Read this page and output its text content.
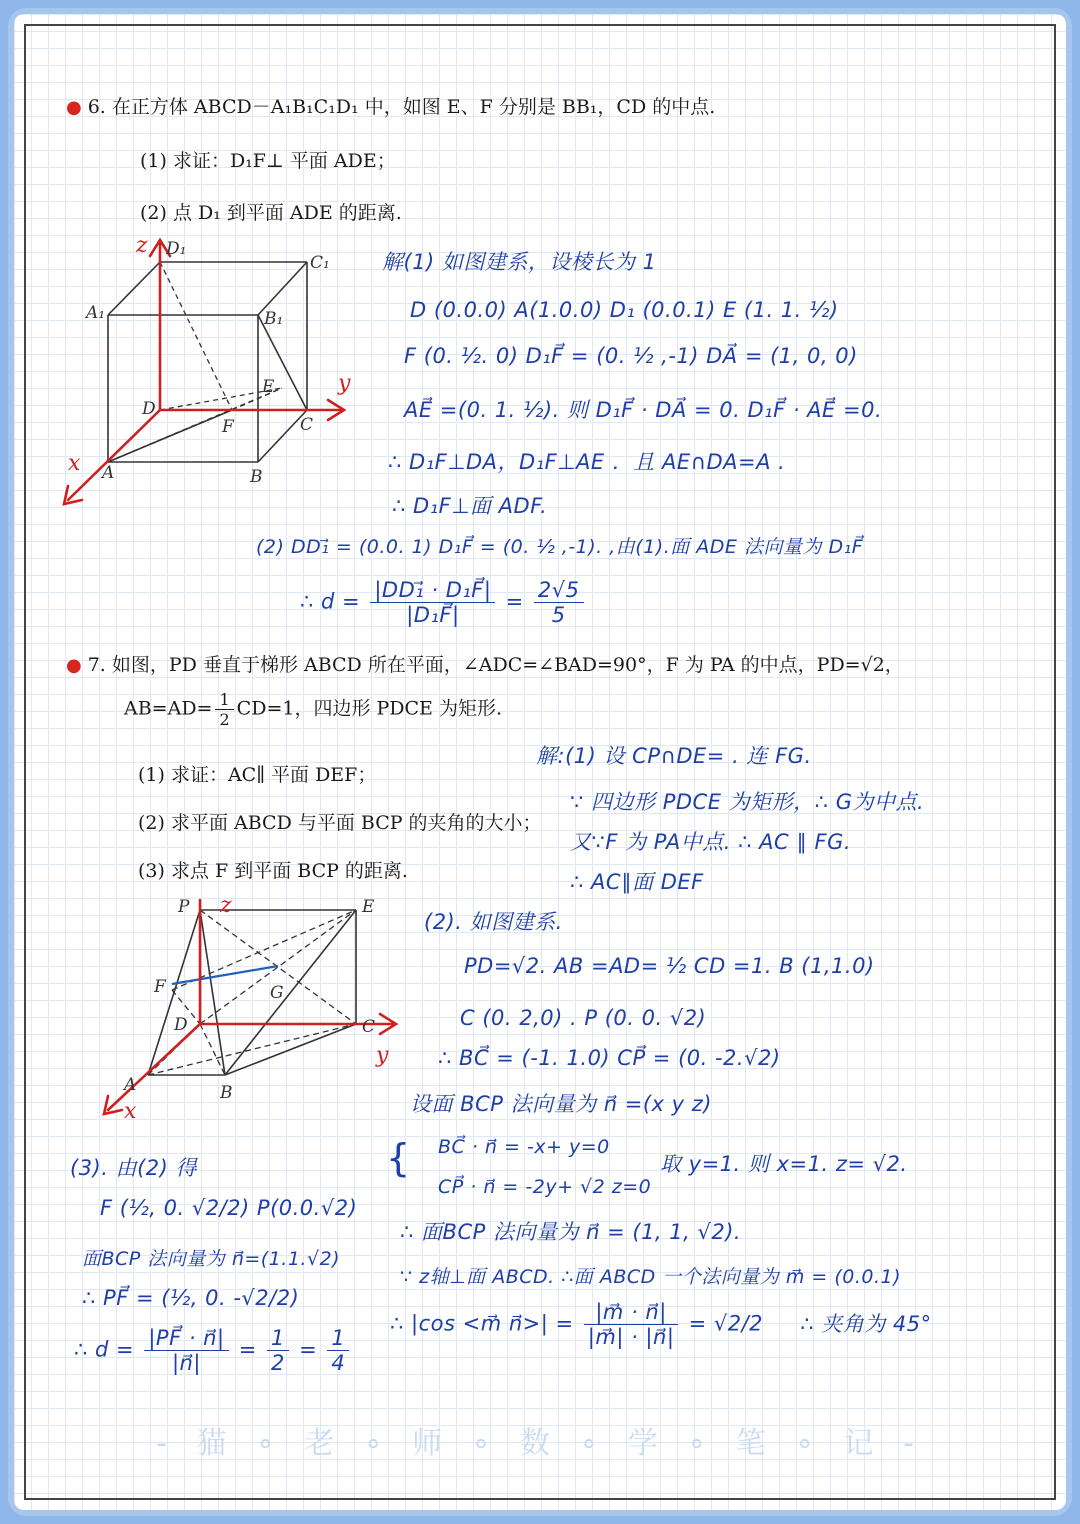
● 6. 在正方体 ABCD－A₁B₁C₁D₁ 中，如图 E、F 分别是 BB₁，CD 的中点.
(1) 求证：D₁F⊥ 平面 ADE；
(2) 点 D₁ 到平面 ADE 的距离.
z
y
x
D₁
C₁
A₁	B₁
D
E
F	C
A	B
解(1) 如图建系，设棱长为 1
D (0.0.0) A(1.0.0) D₁ (0.0.1) E (1. 1. ½)
F (0. ½. 0) D₁F⃗ = (0. ½ ,-1) DA⃗ = (1, 0, 0)
AE⃗ =(0. 1. ½). 则 D₁F⃗ · DA⃗ = 0. D₁F⃗ · AE⃗ =0.
∴ D₁F⊥DA，D₁F⊥AE ．且 AE∩DA=A .
∴ D₁F⊥面 ADF.
(2) DD₁⃗ = (0.0. 1) D₁F⃗ = (0. ½ ,-1). ,由(1).面 ADE 法向量为 D₁F⃗
∴ $d = \frac{\text{|DD₁⃗ · D₁F⃗|}}{\text{|D₁F⃗|}} = \frac{2√5}{5}$
● 7. 如图，PD 垂直于梯形 ABCD 所在平面，∠ADC=∠BAD=90°，F 为 PA 的中点，PD=√2，
$AB=AD= \frac{1}{2} CD=1$，四边形 PDCE 为矩形.
(1) 求证：AC∥ 平面 DEF；
(2) 求平面 ABCD 与平面 BCP 的夹角的大小；
(3) 求点 F 到平面 BCP 的距离.
z
y
x
P	E
F	G
D	C
A	B
解:(1) 设 CP∩DE= . 连 FG.
∵ 四边形 PDCE 为矩形，∴ G为中点.
又∵F 为 PA中点. ∴ AC ∥ FG.
∴ AC∥面 DEF
(2). 如图建系.
PD=√2. AB =AD= ½ CD =1. B (1,1.0)
C (0. 2,0) . P (0. 0. √2)
∴ BC⃗ = (-1. 1.0) CP⃗ = (0. -2.√2)
设面 BCP 法向量为 n⃗ =(x y z)
{ BC⃗ · n⃗ = -x+ y=0
CP⃗ · n⃗ = -2y+ √2 z=0
取 y=1. 则 x=1. z= √2.
∴ 面BCP 法向量为 n⃗ = (1, 1, √2).
∵ z轴⊥面 ABCD. ∴面 ABCD 一个法向量为 m⃗ = (0.0.1)
∴ |cos <m⃗ n⃗>| = $\frac{|m⃗ \cdot n⃗|}{|m⃗| \cdot |n⃗|} = √2/2$ ∴ 夹角为 45°
(3). 由(2) 得
F (½, 0. √2/2) P(0.0.√2)
面BCP 法向量为 n⃗=(1.1.√2)
∴ PF⃗ = (½, 0. -√2/2)
∴ $d = \frac{|PF⃗ \cdot n⃗|}{|n⃗|} = \frac{1}{2} = \frac{1}{4}$
- 猫 ∘ 老 ∘ 师 ∘ 数 ∘ 学 ∘ 笔 ∘ 记 -
